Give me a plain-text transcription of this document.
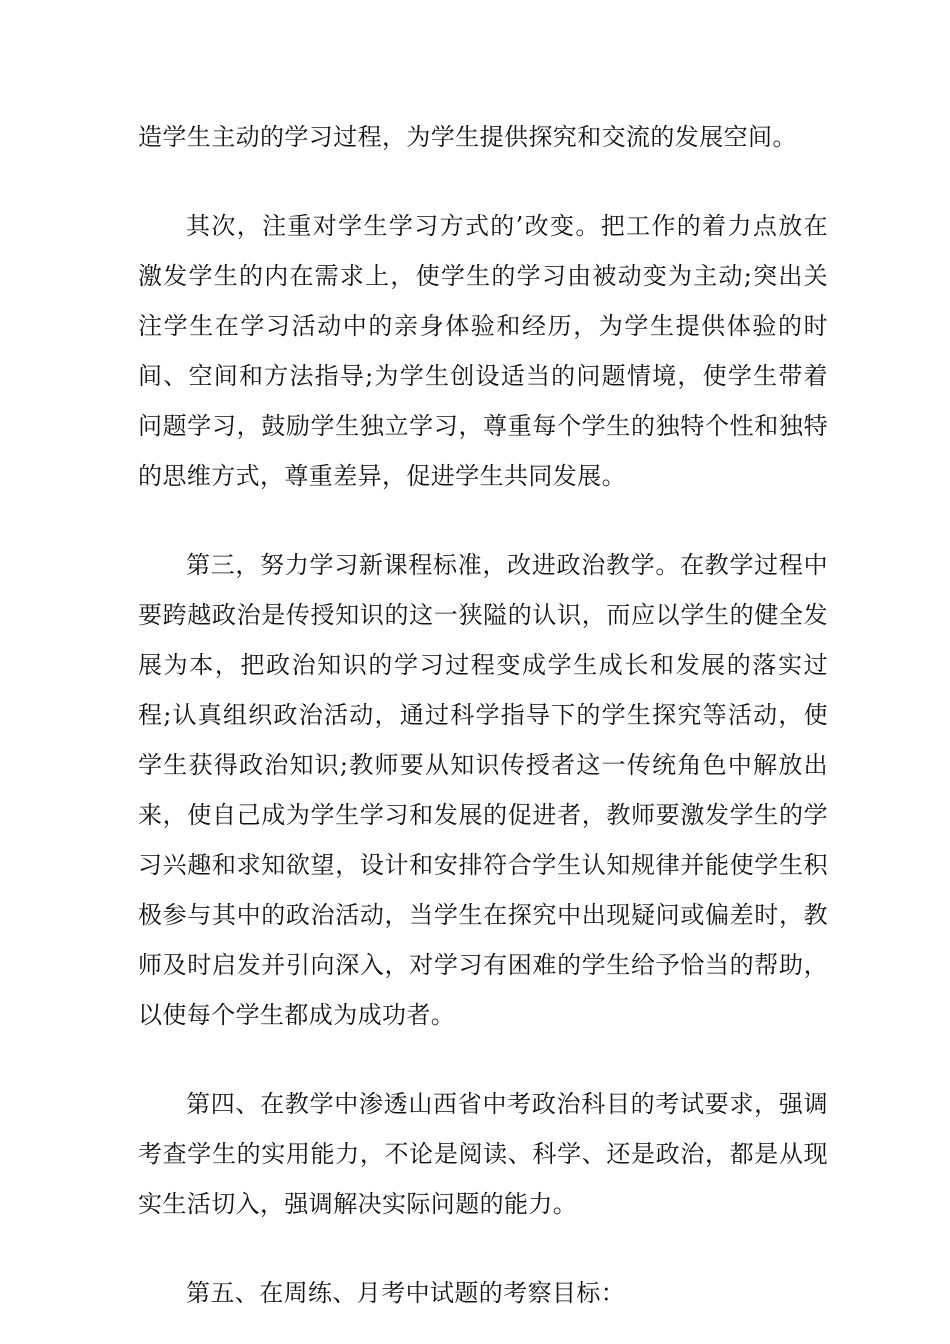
造学生主动的学习过程，为学生提供探究和交流的发展空间。

其次，注重对学生学习方式的’改变。把工作的着力点放在激发学生的内在需求上，使学生的学习由被动变为主动;突出关注学生在学习活动中的亲身体验和经历，为学生提供体验的时间、空间和方法指导;为学生创设适当的问题情境，使学生带着问题学习，鼓励学生独立学习，尊重每个学生的独特个性和独特的思维方式，尊重差异，促进学生共同发展。

第三，努力学习新课程标准，改进政治教学。在教学过程中要跨越政治是传授知识的这一狭隘的认识，而应以学生的健全发展为本，把政治知识的学习过程变成学生成长和发展的落实过程;认真组织政治活动，通过科学指导下的学生探究等活动，使学生获得政治知识;教师要从知识传授者这一传统角色中解放出来，使自己成为学生学习和发展的促进者，教师要激发学生的学习兴趣和求知欲望，设计和安排符合学生认知规律并能使学生积极参与其中的政治活动，当学生在探究中出现疑问或偏差时，教师及时启发并引向深入，对学习有困难的学生给予恰当的帮助，以使每个学生都成为成功者。

第四、在教学中渗透山西省中考政治科目的考试要求，强调考查学生的实用能力，不论是阅读、科学、还是政治，都是从现实生活切入，强调解决实际问题的能力。

第五、在周练、月考中试题的考察目标：
